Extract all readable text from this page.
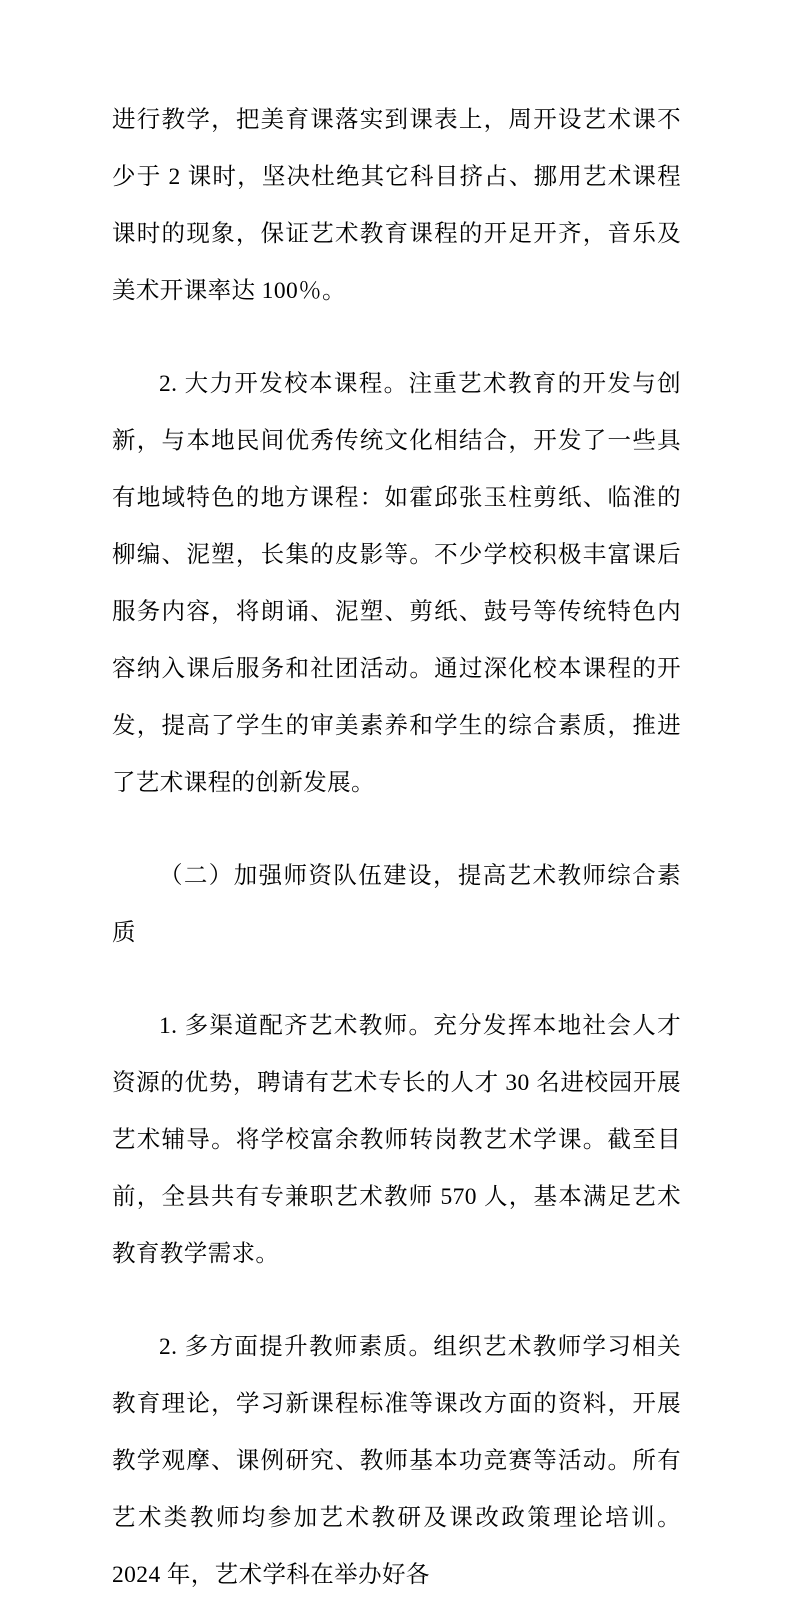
进行教学，把美育课落实到课表上，周开设艺术课不少于 2 课时，坚决杜绝其它科目挤占、挪用艺术课程课时的现象，保证艺术教育课程的开足开齐，音乐及美术开课率达 100％。

2. 大力开发校本课程。注重艺术教育的开发与创新，与本地民间优秀传统文化相结合，开发了一些具有地域特色的地方课程：如霍邱张玉柱剪纸、临淮的柳编、泥塑，长集的皮影等。不少学校积极丰富课后服务内容，将朗诵、泥塑、剪纸、鼓号等传统特色内容纳入课后服务和社团活动。通过深化校本课程的开发，提高了学生的审美素养和学生的综合素质，推进了艺术课程的创新发展。

（二）加强师资队伍建设，提高艺术教师综合素质

1. 多渠道配齐艺术教师。充分发挥本地社会人才资源的优势，聘请有艺术专长的人才 30 名进校园开展艺术辅导。将学校富余教师转岗教艺术学课。截至目前，全县共有专兼职艺术教师 570 人，基本满足艺术教育教学需求。

2. 多方面提升教师素质。组织艺术教师学习相关教育理论，学习新课程标准等课改方面的资料，开展教学观摩、课例研究、教师基本功竞赛等活动。所有艺术类教师均参加艺术教研及课改政策理论培训。2024 年，艺术学科在举办好各
